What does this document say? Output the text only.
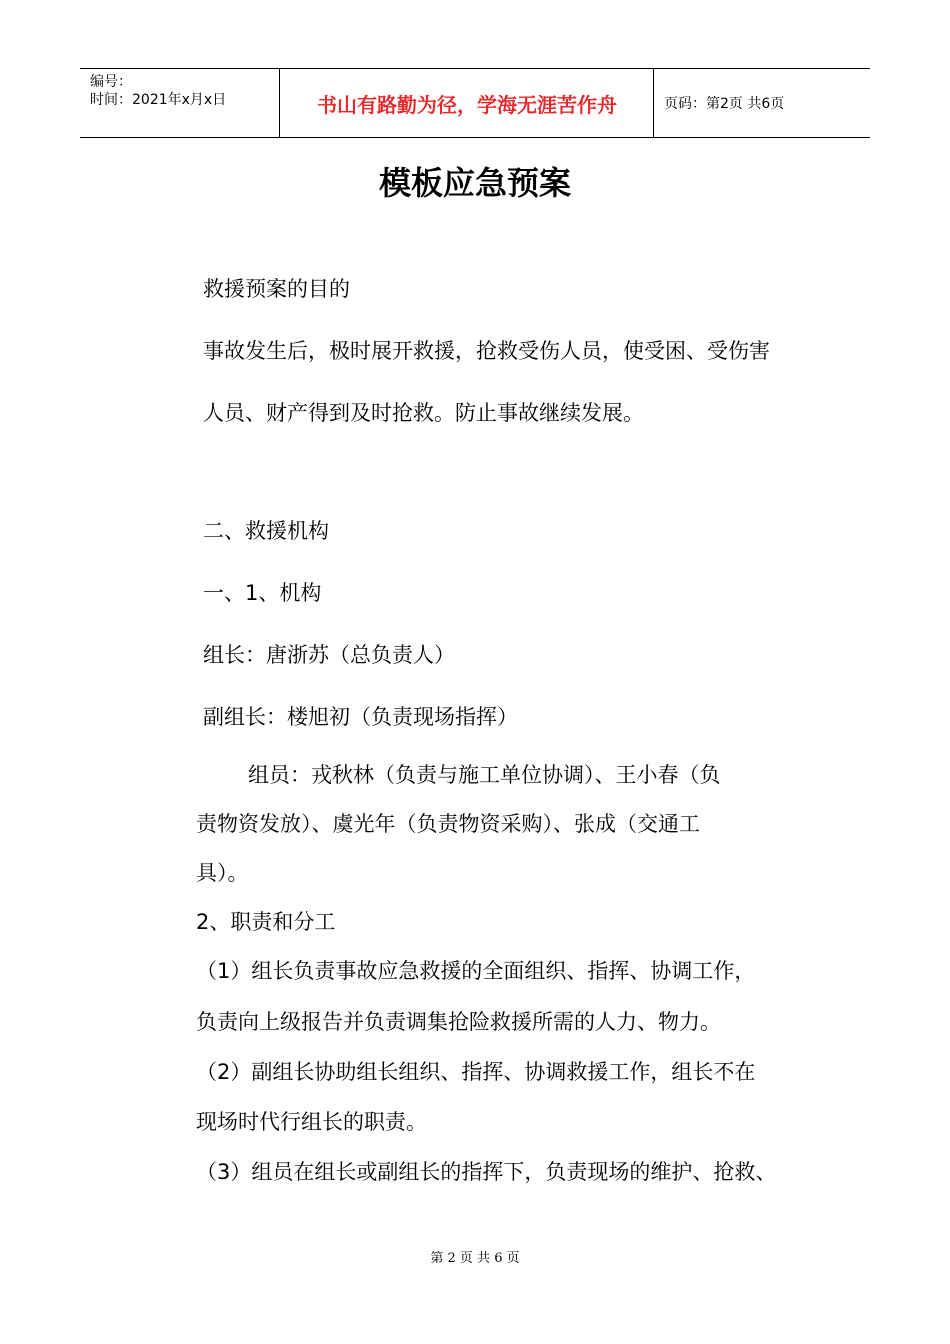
编号：
时间：2021年x月x日	书山有路勤为径，学海无涯苦作舟	页码：第2页 共6页
模板应急预案
救援预案的目的
事故发生后，极时展开救援，抢救受伤人员，使受困、受伤害
人员、财产得到及时抢救。防止事故继续发展。
二、救援机构
一、1、机构
组长：唐浙苏（总负责人）
副组长：楼旭初（负责现场指挥）
组员：戎秋林（负责与施工单位协调）、王小春（负
责物资发放）、虞光年（负责物资采购）、张成（交通工
具）。
2、职责和分工
（1）组长负责事故应急救援的全面组织、指挥、协调工作，
负责向上级报告并负责调集抢险救援所需的人力、物力。
（2）副组长协助组长组织、指挥、协调救援工作，组长不在
现场时代行组长的职责。
（3）组员在组长或副组长的指挥下，负责现场的维护、抢救、
第 2 页 共 6 页
